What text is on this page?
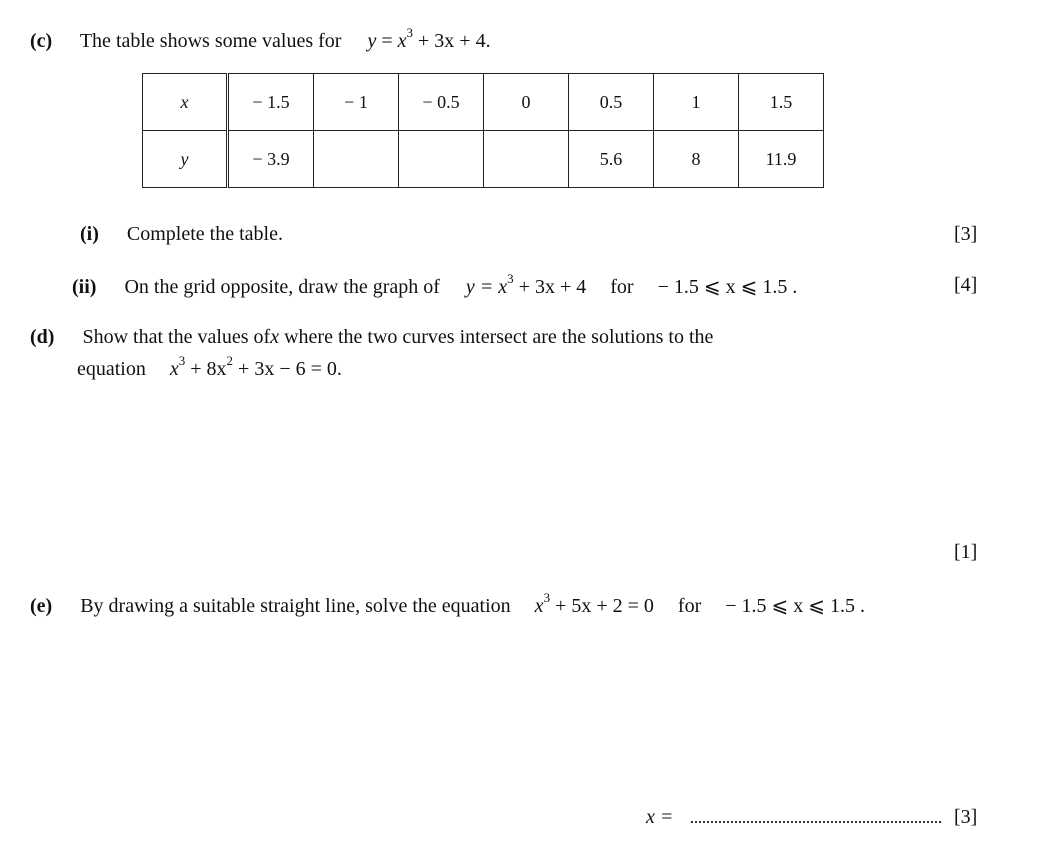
(c) The table shows some values for $y = x^3 + 3x + 4$.
x	− 1.5	− 1	− 0.5	0	0.5	1	1.5
y	− 3.9				5.6	8	11.9
(i) Complete the table.	[3]
(ii) On the grid opposite, draw the graph of $y = x^3 + 3x + 4$ for − 1.5 ⩽ x ⩽ 1.5 .	[4]
(d) Show that the values ofx where the two curves intersect are the solutions to the
equation $x^3 + 8x^2 + 3x - 6 = 0$.
[1]
(e) By drawing a suitable straight line, solve the equation $x^3 + 5x + 2 = 0$ for − 1.5 ⩽ x ⩽ 1.5 .
x =	[3]
